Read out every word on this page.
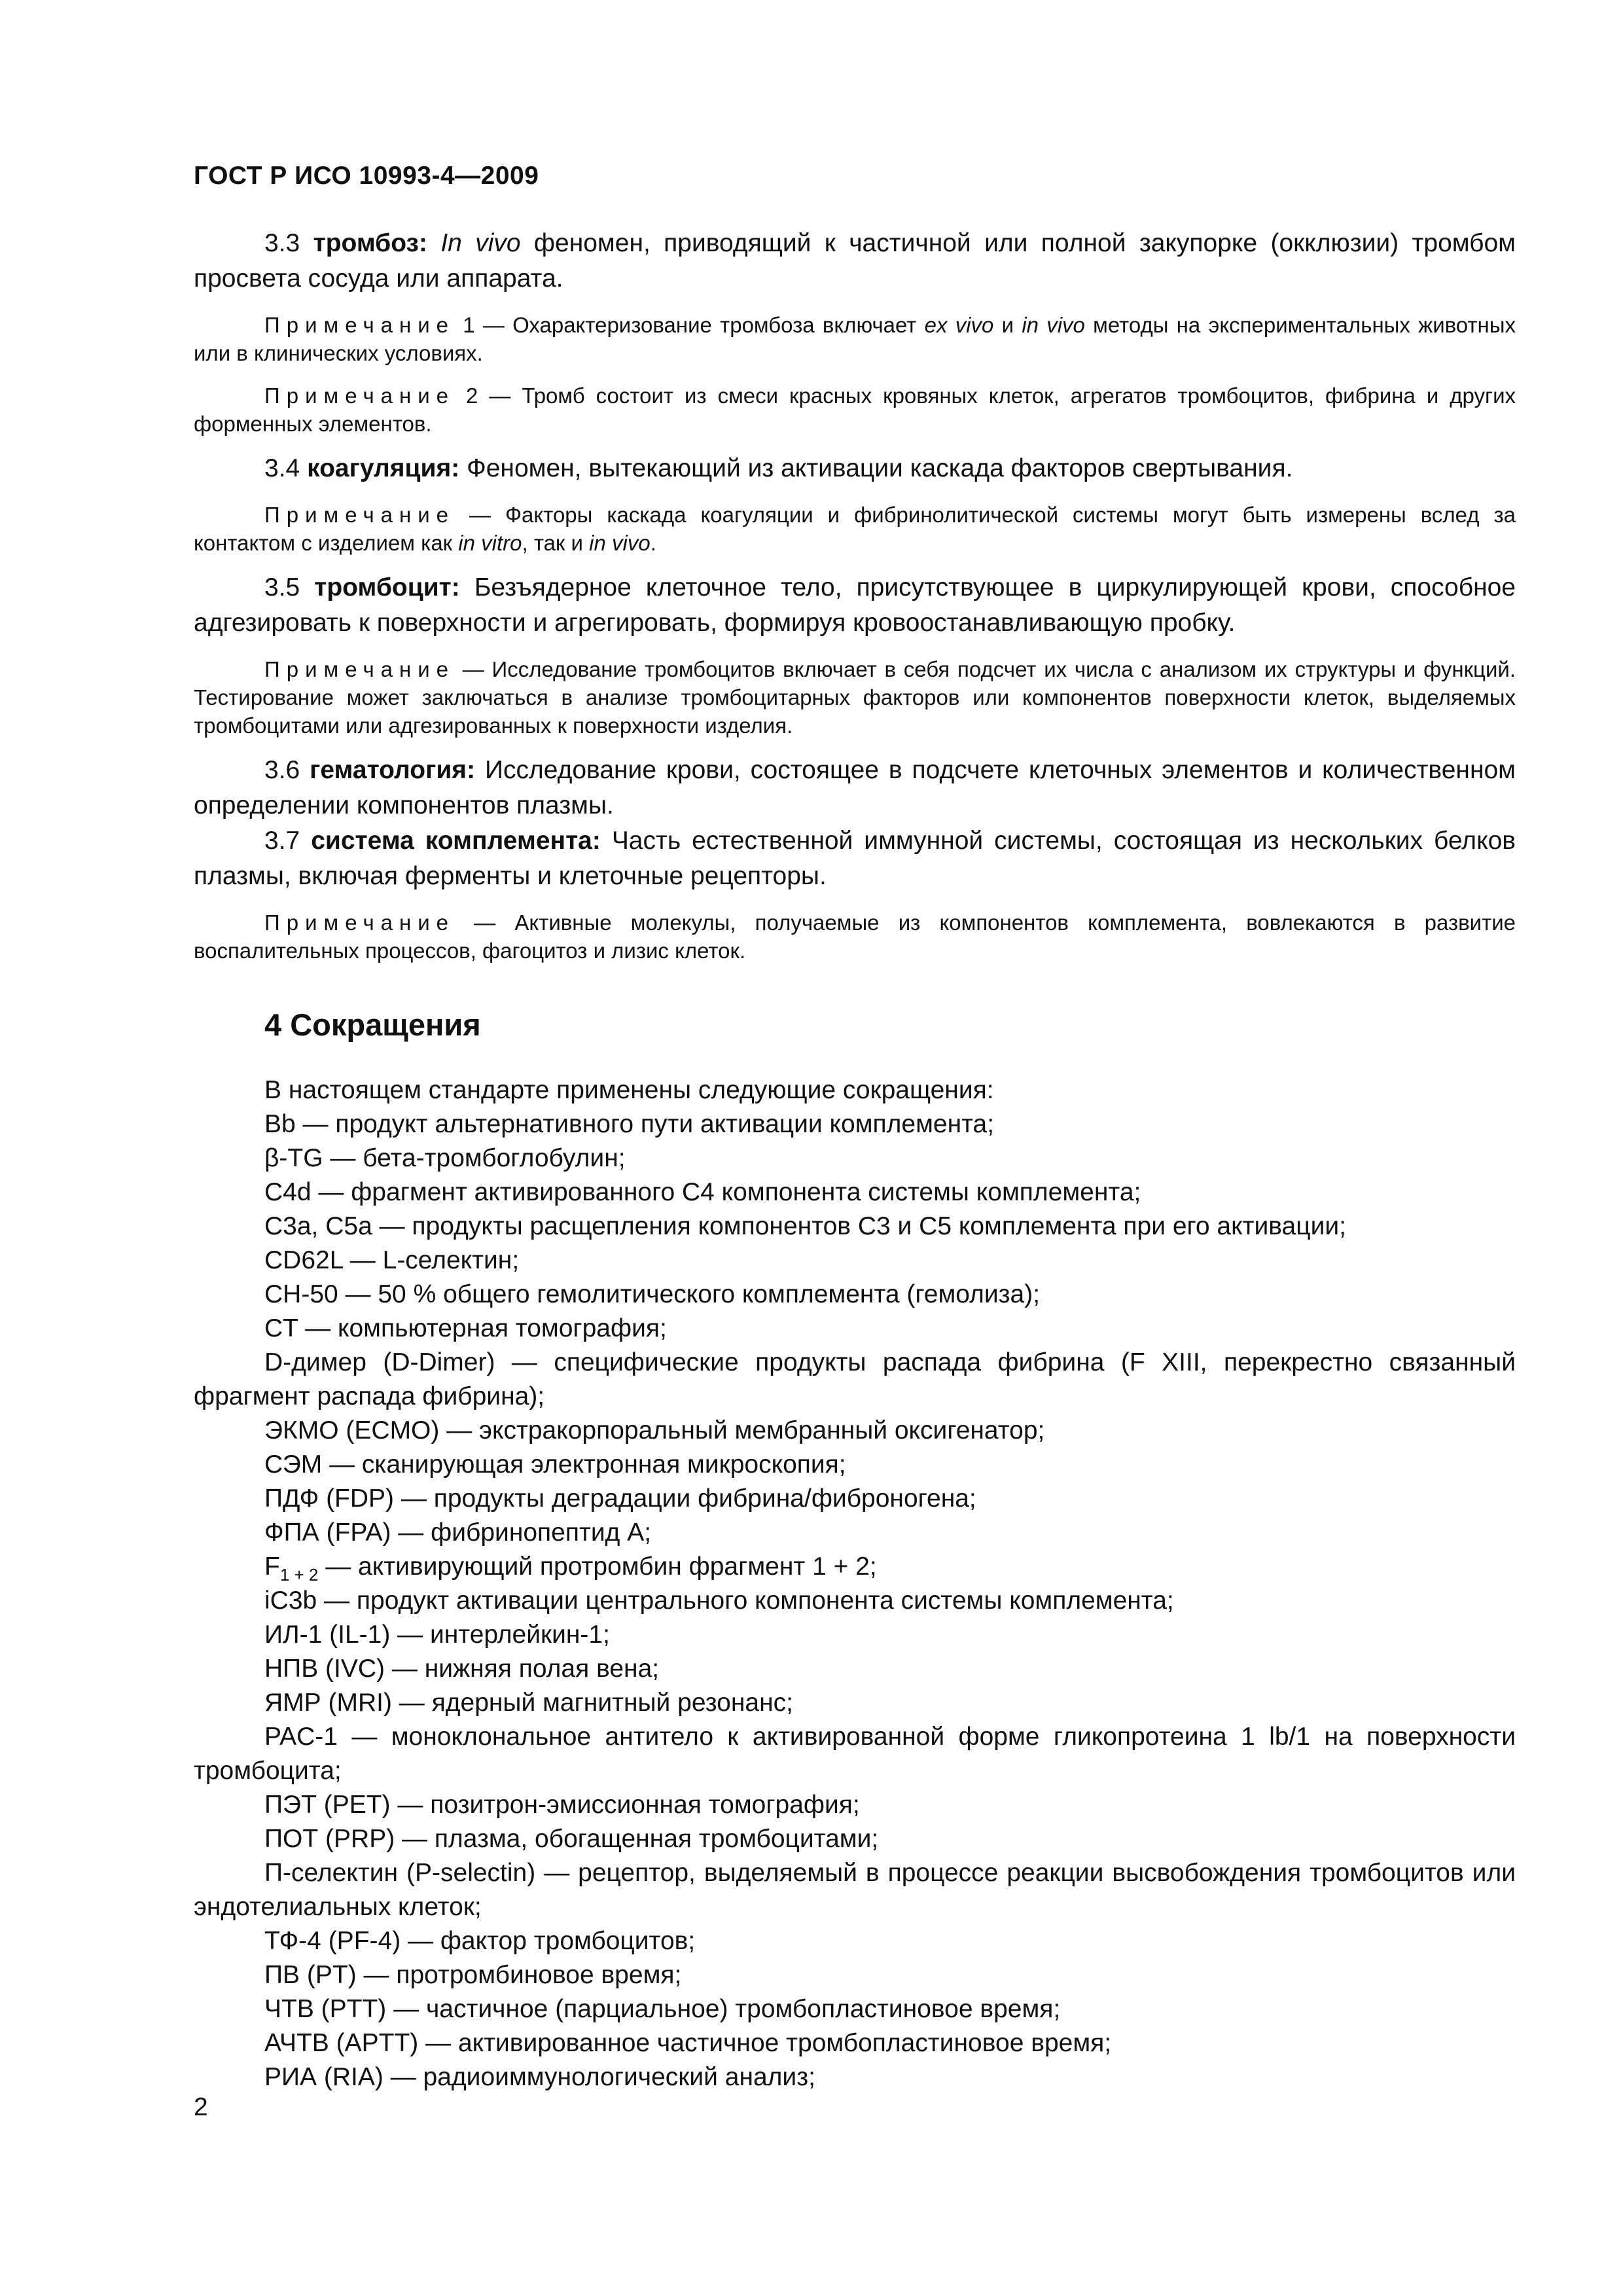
ГОСТ Р ИСО 10993-4—2009

3.3 тромбоз: In vivo феномен, приводящий к частичной или полной закупорке (окклюзии) тромбом просвета сосуда или аппарата.

Примечание 1 — Охарактеризование тромбоза включает ex vivo и in vivo методы на экспериментальных животных или в клинических условиях.

Примечание 2 — Тромб состоит из смеси красных кровяных клеток, агрегатов тромбоцитов, фибрина и других форменных элементов.

3.4 коагуляция: Феномен, вытекающий из активации каскада факторов свертывания.

Примечание — Факторы каскада коагуляции и фибринолитической системы могут быть измерены вслед за контактом с изделием как in vitro, так и in vivo.

3.5 тромбоцит: Безъядерное клеточное тело, присутствующее в циркулирующей крови, способное адгезировать к поверхности и агрегировать, формируя кровоостанавливающую пробку.

Примечание — Исследование тромбоцитов включает в себя подсчет их числа с анализом их структуры и функций. Тестирование может заключаться в анализе тромбоцитарных факторов или компонентов поверхности клеток, выделяемых тромбоцитами или адгезированных к поверхности изделия.

3.6 гематология: Исследование крови, состоящее в подсчете клеточных элементов и количественном определении компонентов плазмы.

3.7 система комплемента: Часть естественной иммунной системы, состоящая из нескольких белков плазмы, включая ферменты и клеточные рецепторы.

Примечание — Активные молекулы, получаемые из компонентов комплемента, вовлекаются в развитие воспалительных процессов, фагоцитоз и лизис клеток.

4 Сокращения

В настоящем стандарте применены следующие сокращения:

Bb — продукт альтернативного пути активации комплемента;

β-TG — бета-тромбоглобулин;

C4d — фрагмент активированного C4 компонента системы комплемента;

C3a, C5a — продукты расщепления компонентов C3 и C5 комплемента при его активации;

CD62L — L-селектин;

CH-50 — 50 % общего гемолитического комплемента (гемолиза);

CT — компьютерная томография;

D-димер (D-Dimer) — специфические продукты распада фибрина (F XIII, перекрестно связанный фрагмент распада фибрина);

ЭКМО (ECMO) — экстракорпоральный мембранный оксигенатор;

СЭМ — сканирующая электронная микроскопия;

ПДФ (FDP) — продукты деградации фибрина/фиброногена;

ФПА (FPA) — фибринопептид А;

$F_{1 + 2}$ — активирующий протромбин фрагмент 1 + 2;

iC3b — продукт активации центрального компонента системы комплемента;

ИЛ-1 (IL-1) — интерлейкин-1;

НПВ (IVC) — нижняя полая вена;

ЯМР (MRI) — ядерный магнитный резонанс;

PAC-1 — моноклональное антитело к активированной форме гликопротеина 1 lb/1 на поверхности тромбоцита;

ПЭТ (PET) — позитрон-эмиссионная томография;

ПОТ (PRP) — плазма, обогащенная тромбоцитами;

П-селектин (P-selectin) — рецептор, выделяемый в процессе реакции высвобождения тромбоцитов или эндотелиальных клеток;

ТФ-4 (PF-4) — фактор тромбоцитов;

ПВ (PT) — протромбиновое время;

ЧТВ (PTT) — частичное (парциальное) тромбопластиновое время;

АЧТВ (APTT) — активированное частичное тромбопластиновое время;

РИА (RIA) — радиоиммунологический анализ;

2
